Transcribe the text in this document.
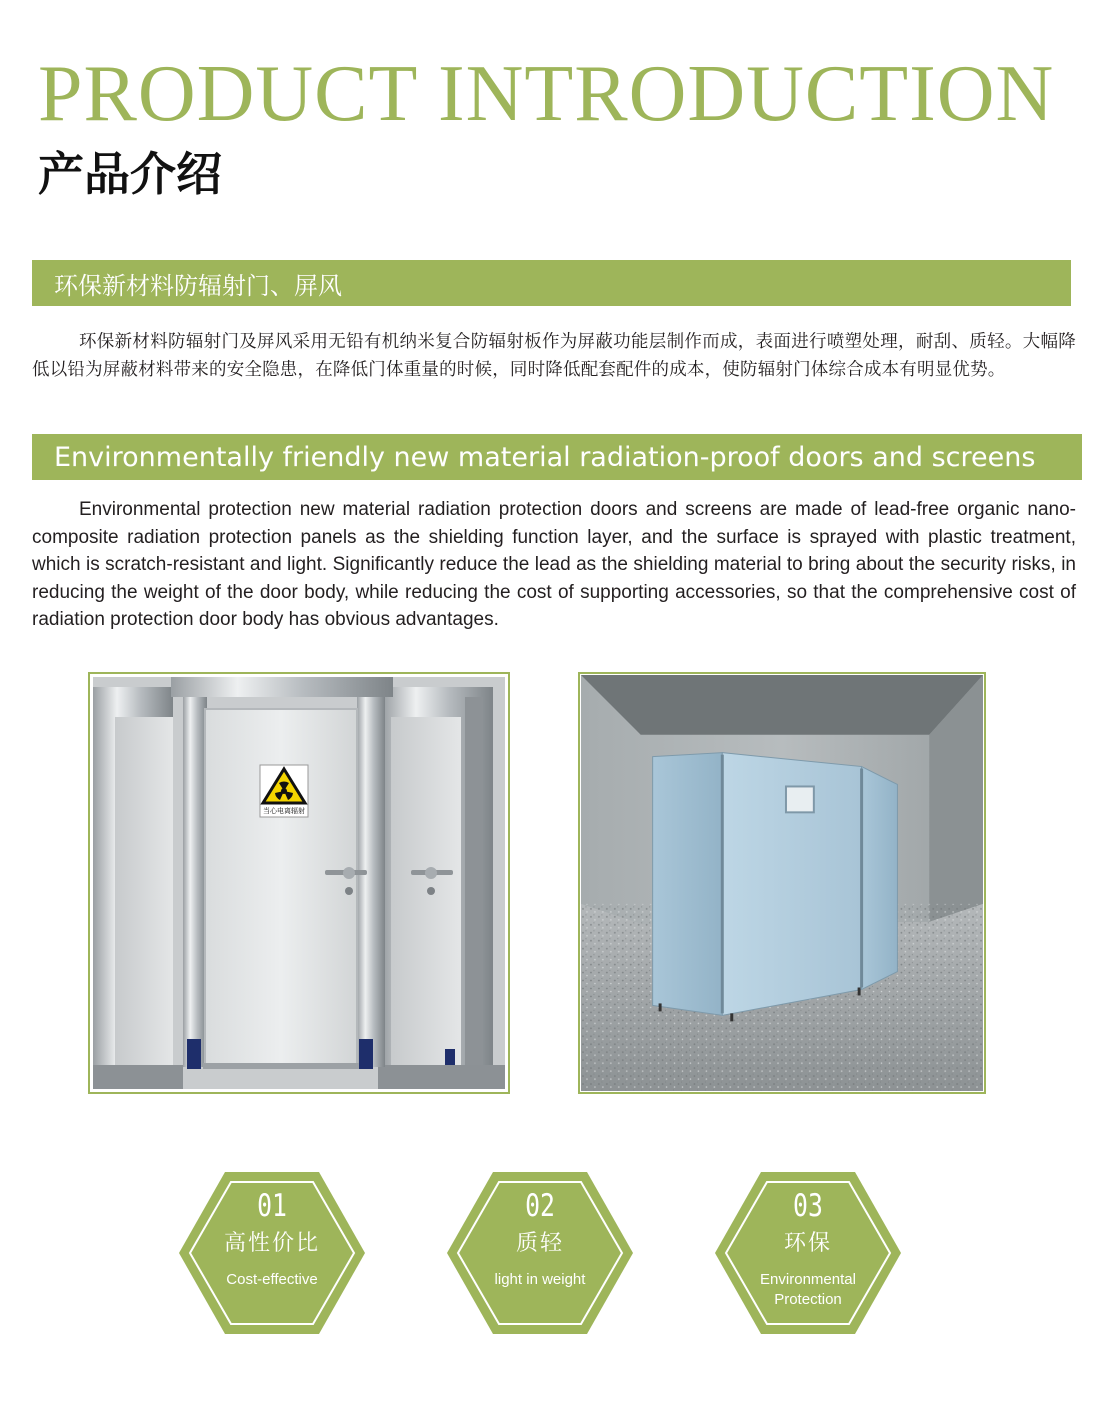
PRODUCT INTRODUCTION
产品介绍
环保新材料防辐射门、屏风

环保新材料防辐射门及屏风采用无铅有机纳米复合防辐射板作为屏蔽功能层制作而成，表面进行喷塑处理，耐刮、质轻。大幅降低以铅为屏蔽材料带来的安全隐患，在降低门体重量的时候，同时降低配套配件的成本，使防辐射门体综合成本有明显优势。

Environmentally friendly new material radiation-proof doors and screens

Environmental protection new material radiation protection doors and screens are made of lead-free organic nano-composite radiation protection panels as the shielding function layer, and the surface is sprayed with plastic treatment, which is scratch-resistant and light. Significantly reduce the lead as the shielding material to bring about the security risks, in reducing the weight of the door body, while reducing the cost of supporting accessories, so that the comprehensive cost of radiation protection door body has obvious advantages.

当心电离辐射
01
高性价比
Cost-effective
02
质轻
light in weight
03
环保
Environmental Protection
